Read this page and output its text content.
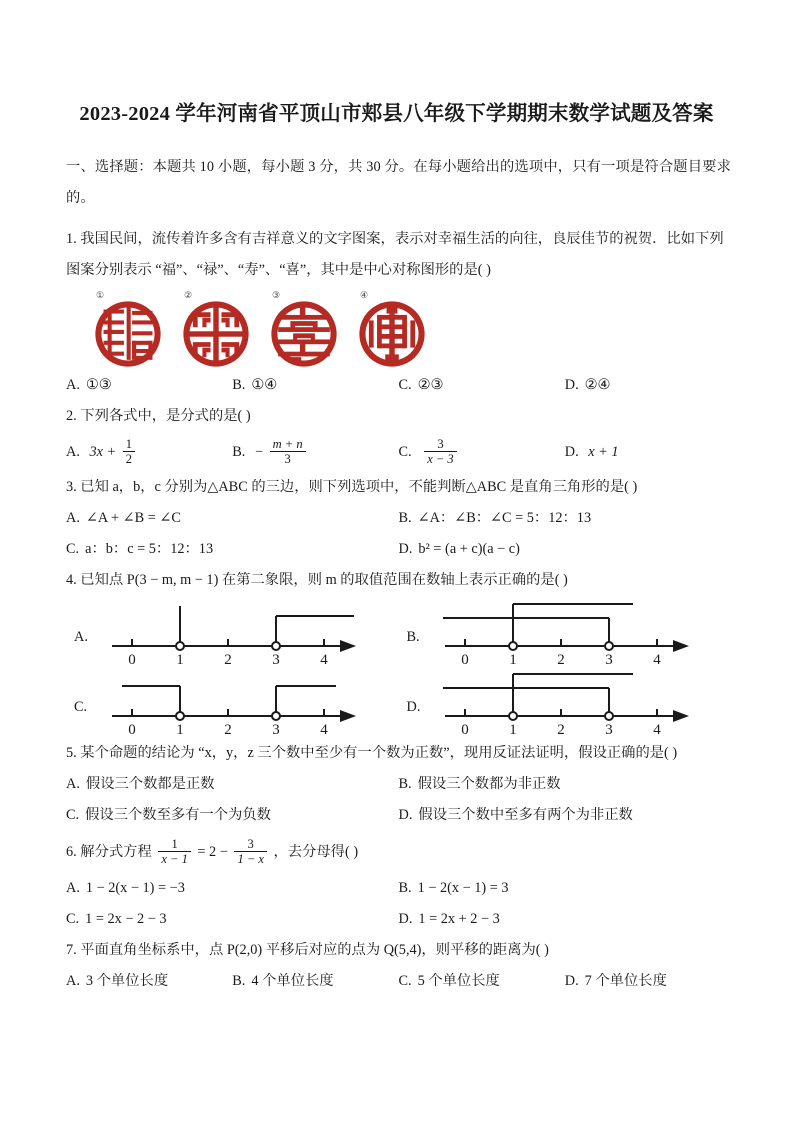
2023-2024 学年河南省平顶山市郏县八年级下学期期末数学试题及答案

一、选择题：本题共 10 小题，每小题 3 分，共 30 分。在每小题给出的选项中，只有一项是符合题目要求的。

1. 我国民间，流传着许多含有吉祥意义的文字图案，表示对幸福生活的向往，良辰佳节的祝贺．比如下列

图案分别表示 “福”、“禄”、“寿”、“喜”，其中是中心对称图形的是( )

①	②	③	④
A. ①③	B. ①④	C. ②③	D. ②④

2. 下列各式中，是分式的是( )

A. $3x + \frac{1}{2}$	B. − $\frac{m + n}{3}$	C. $\frac{3}{x - 3}$	D. x + 1

3. 已知 a，b，c 分别为△ABC 的三边，则下列选项中，不能判断△ABC 是直角三角形的是( )

A. ∠A + ∠B = ∠C	B. ∠A：∠B：∠C = 5：12：13
C. a：b：c = 5：12：13	D. b² = (a + c)(a − c)

4. 已知点 P(3 − m, m − 1) 在第二象限，则 m 的取值范围在数轴上表示正确的是( )

A.
0	1	2	3	4
B.
0	1	2	3	4
C.
0	1	2	3	4
D.
0	1	2	3	4

5. 某个命题的结论为 “x，y，z 三个数中至少有一个数为正数”，现用反证法证明，假设正确的是( )

A. 假设三个数都是正数	B. 假设三个数都为非正数
C. 假设三个数至多有一个为负数	D. 假设三个数中至多有两个为非正数

6. 解分式方程 $\frac{1}{x - 1} = 2 - \frac{3}{1 - x}$ ，去分母得( )

A. 1 − 2(x − 1) = −3	B. 1 − 2(x − 1) = 3
C. 1 = 2x − 2 − 3	D. 1 = 2x + 2 − 3

7. 平面直角坐标系中，点 P(2,0) 平移后对应的点为 Q(5,4)，则平移的距离为( )

A. 3 个单位长度	B. 4 个单位长度	C. 5 个单位长度	D. 7 个单位长度
